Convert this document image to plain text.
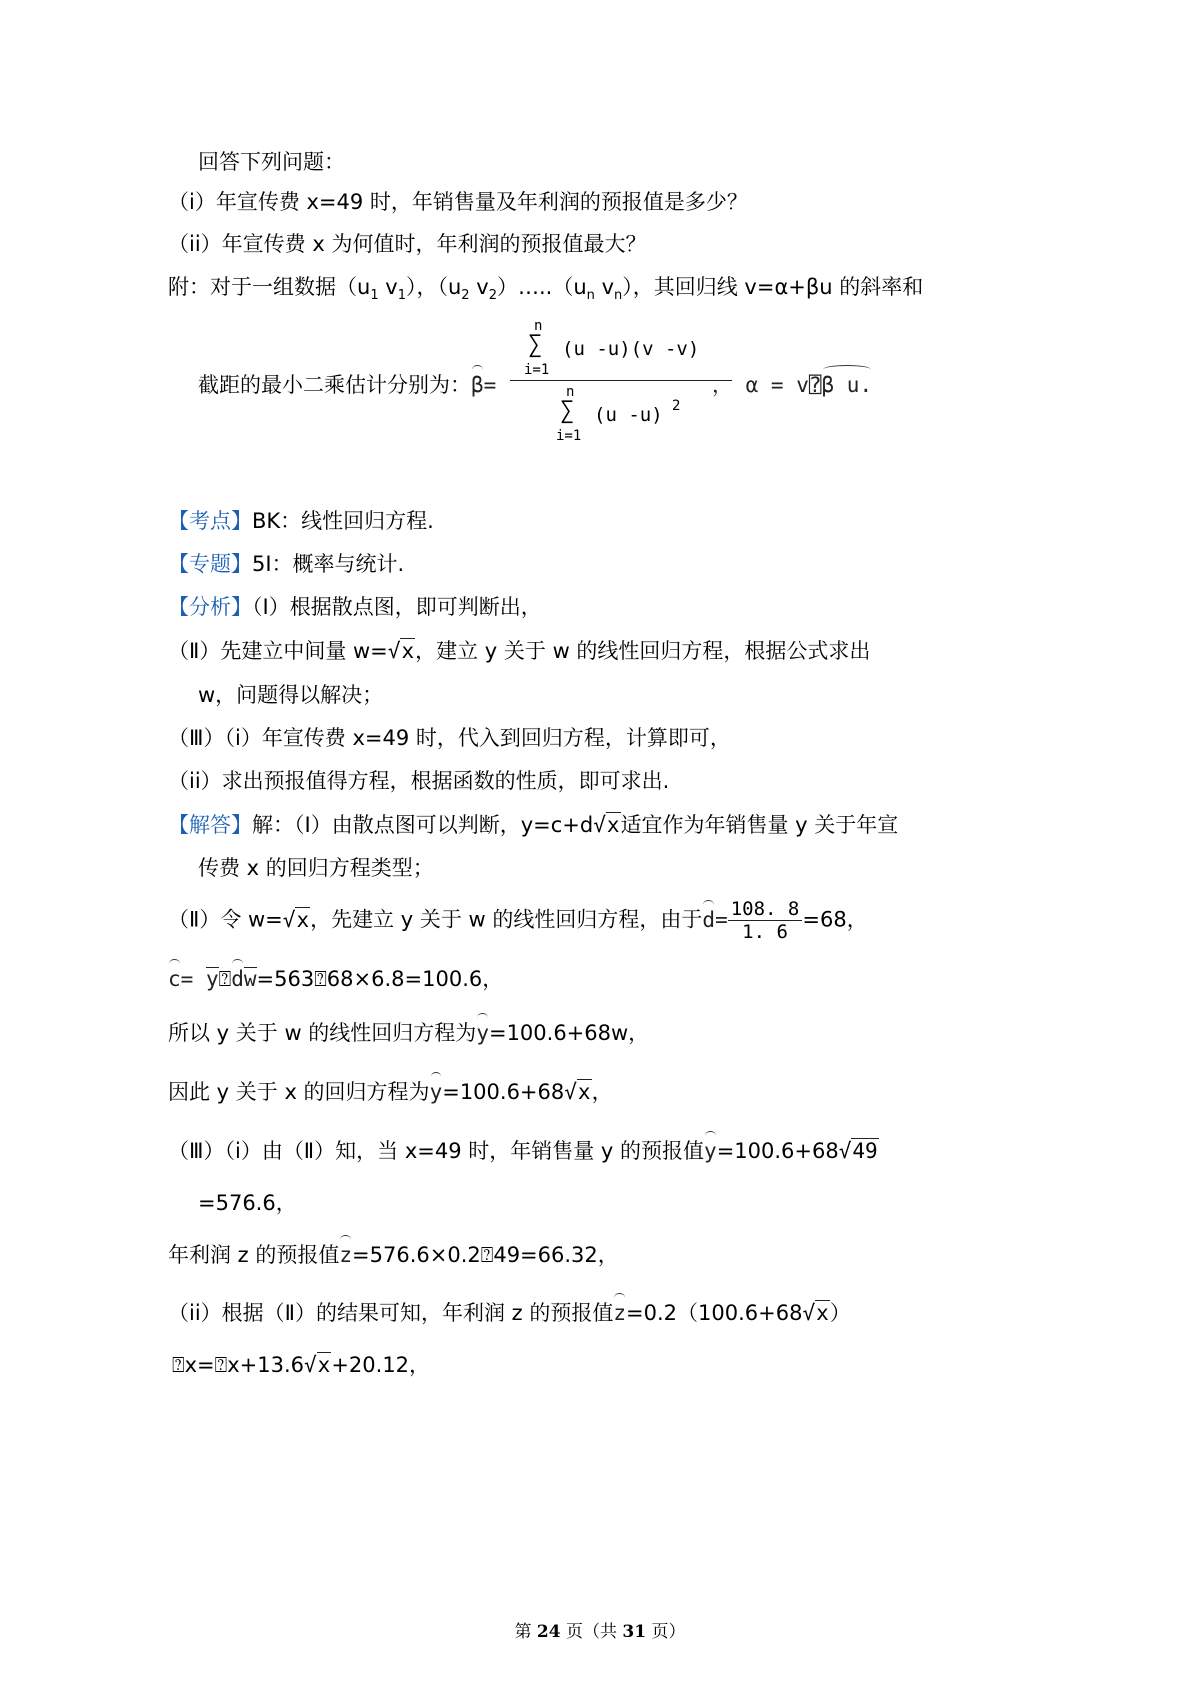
回答下列问题：
（i）年宣传费 x=49 时，年销售量及年利润的预报值是多少？
（ii）年宣传费 x 为何值时，年利润的预报值最大？
附：对于一组数据（$u_1$ $v_1$），（$u_2$ $v_2)\dots..(u_n$ $v_n$），其回归线 v=α+βu 的斜率和
截距的最小二乘估计分别为：β=
n
∑
i=1
(u -u)(v -v)
n
∑
i=1
(u -u) 2
， α = v⍰β u.
【考点】BK：线性回归方程.
【专题】5I：概率与统计.
【分析】（Ⅰ）根据散点图，即可判断出，
（Ⅱ）先建立中间量 w=√x，建立 y 关于 w 的线性回归方程，根据公式求出
w，问题得以解决；
（Ⅲ）（i）年宣传费 x=49 时，代入到回归方程，计算即可，
（ii）求出预报值得方程，根据函数的性质，即可求出.
【解答】解：（Ⅰ）由散点图可以判断，y=c+d√x适宜作为年销售量 y 关于年宣
传费 x 的回归方程类型；
（Ⅱ）令 w=√x，先建立 y 关于 w 的线性回归方程，由于$d= \frac{108. 8}{1. 6} =68$，
c= y⍰dw=563⍰68×6.8=100.6，
所以 y 关于 w 的线性回归方程为y=100.6+68w，
因此 y 关于 x 的回归方程为y=100.6+68√x，
（Ⅲ）（i）由（Ⅱ）知，当 x=49 时，年销售量 y 的预报值y=100.6+68√49
=576.6，
年利润 z 的预报值z=576.6×0.2⍰49=66.32，
（ii）根据（Ⅱ）的结果可知，年利润 z 的预报值z=0.2（100.6+68√x）
⍰x=⍰x+13.6√x+20.12，
第 24 页（共 31 页）
